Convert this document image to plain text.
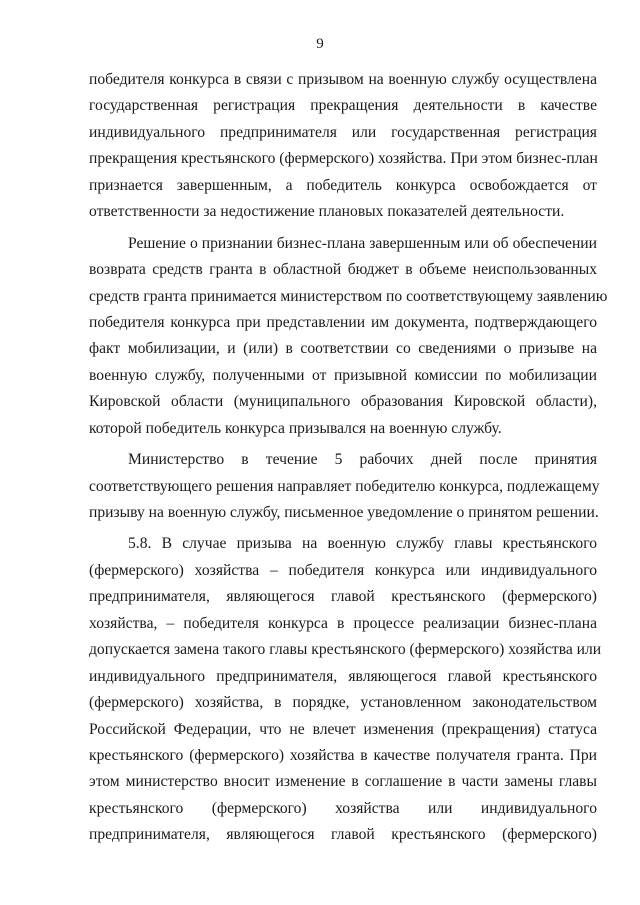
9
победителя конкурса в связи с призывом на военную службу осуществлена
государственная регистрация прекращения деятельности в качестве
индивидуального предпринимателя или государственная регистрация
прекращения крестьянского (фермерского) хозяйства. При этом бизнес-план
признается завершенным, а победитель конкурса освобождается от
ответственности за недостижение плановых показателей деятельности.
Решение о признании бизнес-плана завершенным или об обеспечении
возврата средств гранта в областной бюджет в объеме неиспользованных
средств гранта принимается министерством по соответствующему заявлению
победителя конкурса при представлении им документа, подтверждающего
факт мобилизации, и (или) в соответствии со сведениями о призыве на
военную службу, полученными от призывной комиссии по мобилизации
Кировской области (муниципального образования Кировской области),
которой победитель конкурса призывался на военную службу.
Министерство в течение 5 рабочих дней после принятия
соответствующего решения направляет победителю конкурса, подлежащему
призыву на военную службу, письменное уведомление о принятом решении.
5.8. В случае призыва на военную службу главы крестьянского
(фермерского) хозяйства – победителя конкурса или индивидуального
предпринимателя, являющегося главой крестьянского (фермерского)
хозяйства, – победителя конкурса в процессе реализации бизнес-плана
допускается замена такого главы крестьянского (фермерского) хозяйства или
индивидуального предпринимателя, являющегося главой крестьянского
(фермерского) хозяйства, в порядке, установленном законодательством
Российской Федерации, что не влечет изменения (прекращения) статуса
крестьянского (фермерского) хозяйства в качестве получателя гранта. При
этом министерство вносит изменение в соглашение в части замены главы
крестьянского (фермерского) хозяйства или индивидуального
предпринимателя, являющегося главой крестьянского (фермерского)
